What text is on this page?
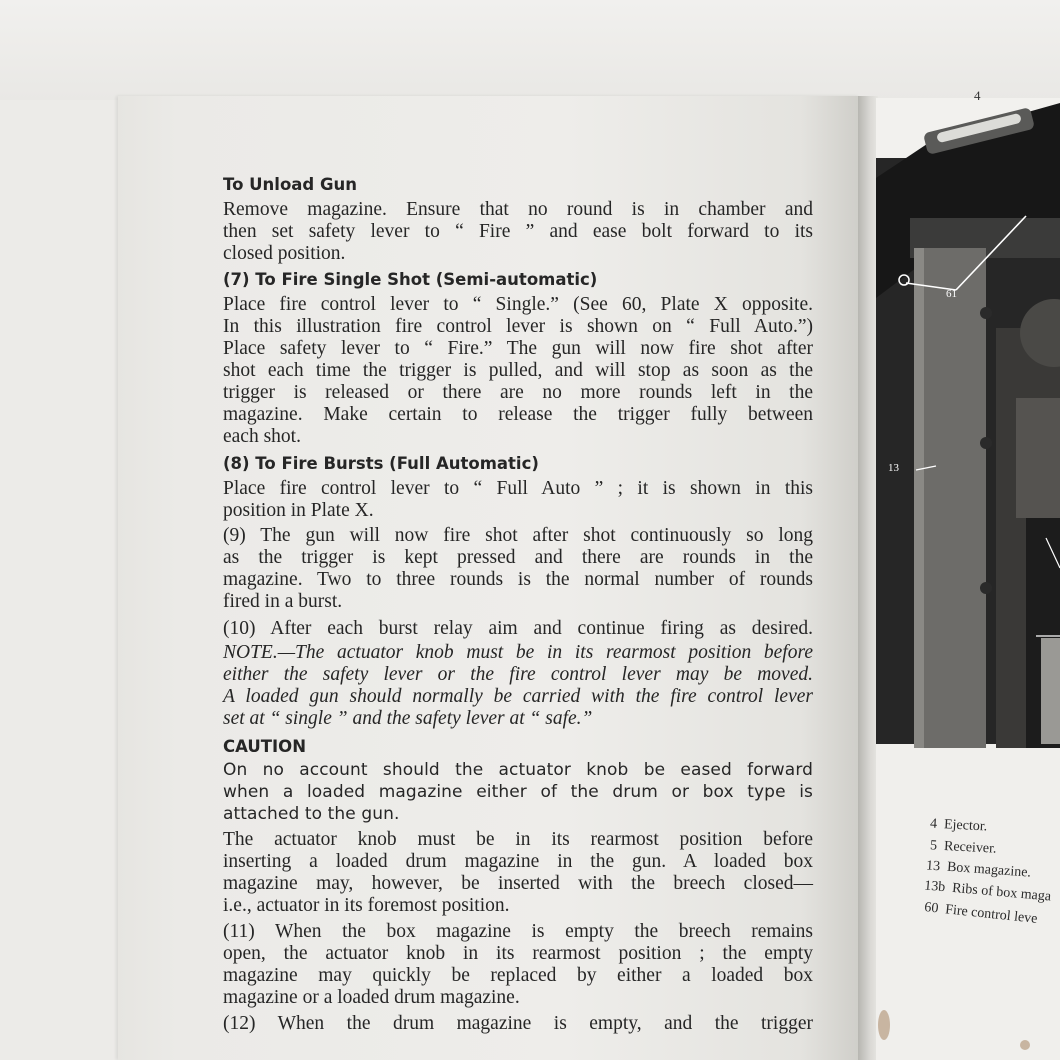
4
61
13
To Unload Gun
Remove magazine. Ensure that no round is in chamber and
then set safety lever to “ Fire ” and ease bolt forward to its
closed position.
(7) To Fire Single Shot (Semi-automatic)
Place fire control lever to “ Single.” (See 60, Plate X opposite.
In this illustration fire control lever is shown on “ Full Auto.”)
Place safety lever to “ Fire.” The gun will now fire shot after
shot each time the trigger is pulled, and will stop as soon as the
trigger is released or there are no more rounds left in the
magazine. Make certain to release the trigger fully between
each shot.
(8) To Fire Bursts (Full Automatic)
Place fire control lever to “ Full Auto ” ; it is shown in this
position in Plate X.
(9) The gun will now fire shot after shot continuously so long
as the trigger is kept pressed and there are rounds in the
magazine. Two to three rounds is the normal number of rounds
fired in a burst.
(10) After each burst relay aim and continue firing as desired.
NOTE.—The actuator knob must be in its rearmost position before
either the safety lever or the fire control lever may be moved.
A loaded gun should normally be carried with the fire control lever
set at “ single ” and the safety lever at “ safe.”
CAUTION
On no account should the actuator knob be eased forward
when a loaded magazine either of the drum or box type is
attached to the gun.
The actuator knob must be in its rearmost position before
inserting a loaded drum magazine in the gun. A loaded box
magazine may, however, be inserted with the breech closed—
i.e., actuator in its foremost position.
(11) When the box magazine is empty the breech remains
open, the actuator knob in its rearmost position ; the empty
magazine may quickly be replaced by either a loaded box
magazine or a loaded drum magazine.
(12) When the drum magazine is empty, and the trigger
4 Ejector.
5 Receiver.
13 Box magazine.
13b Ribs of box maga
60 Fire control leve
